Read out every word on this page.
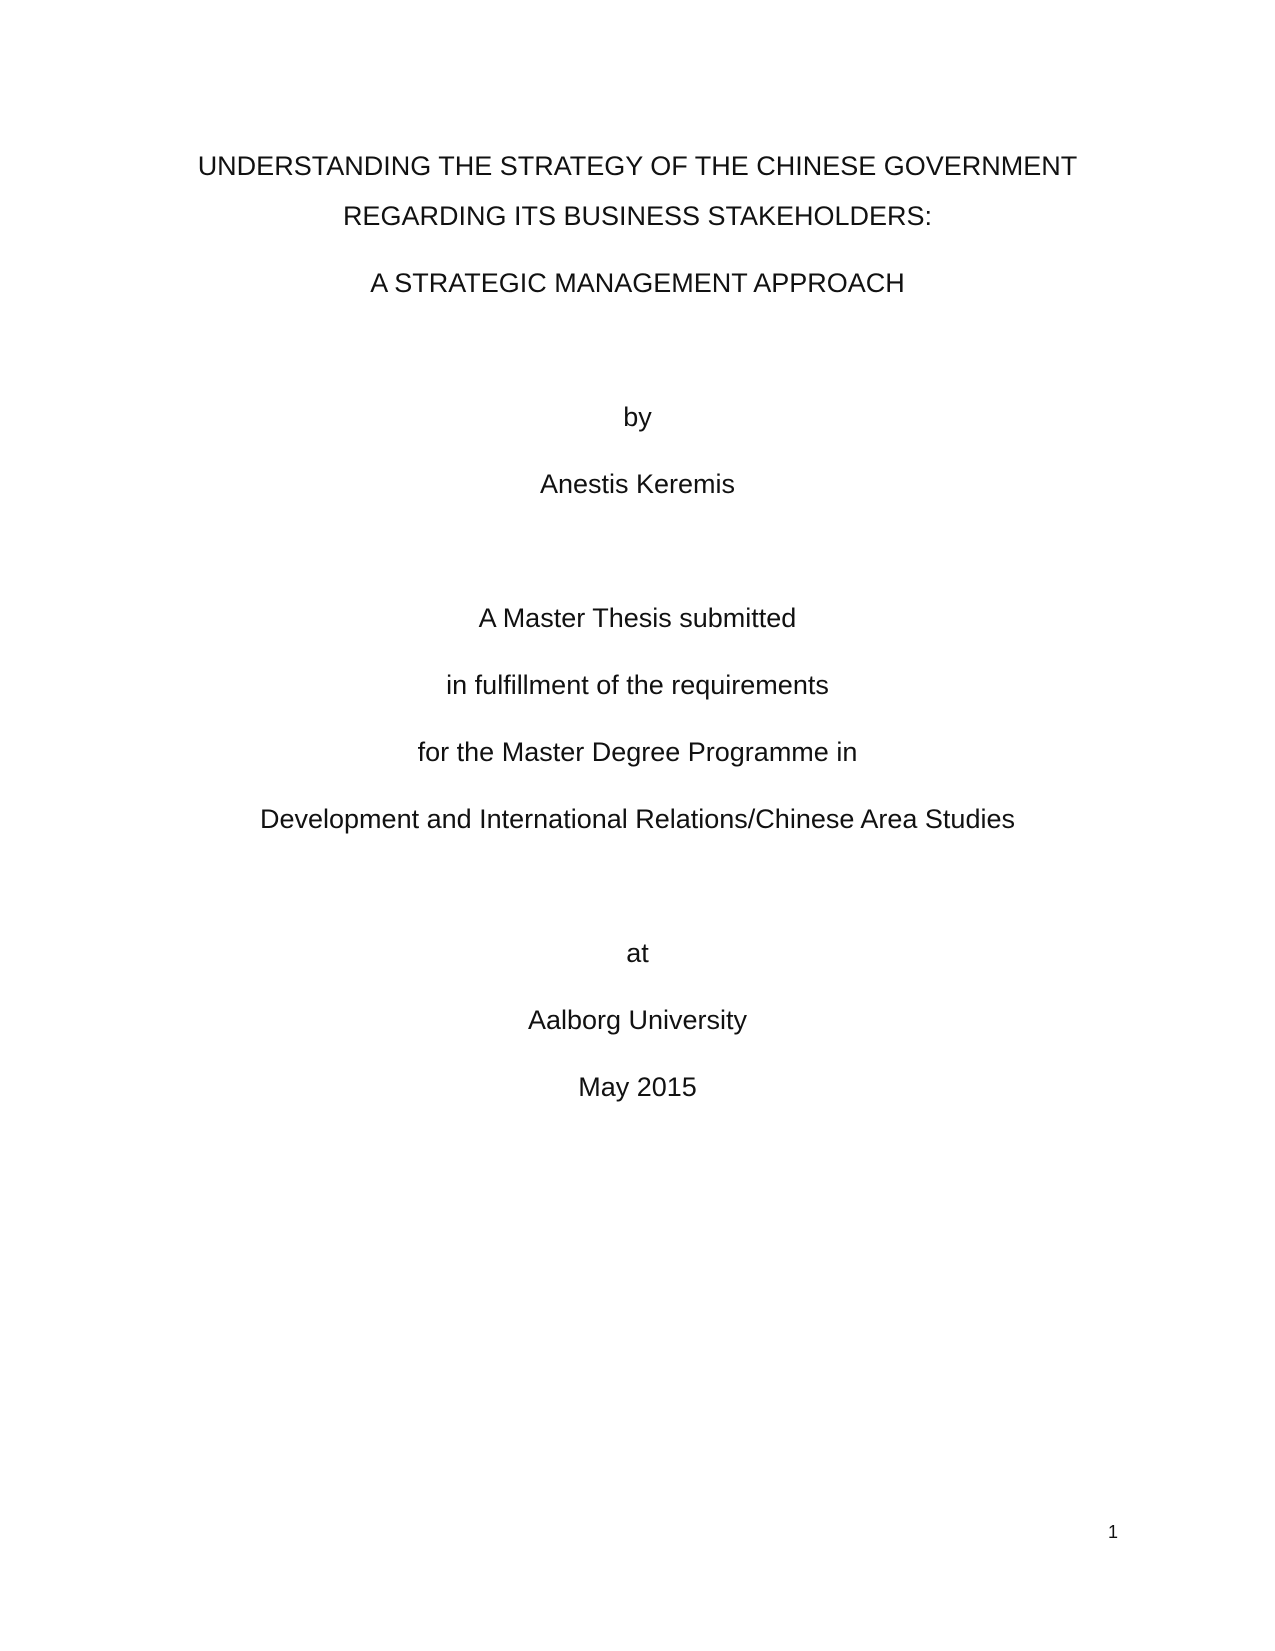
UNDERSTANDING THE STRATEGY OF THE CHINESE GOVERNMENT
REGARDING ITS BUSINESS STAKEHOLDERS:
A STRATEGIC MANAGEMENT APPROACH
by
Anestis Keremis
A Master Thesis submitted
in fulfillment of the requirements
for the Master Degree Programme in
Development and International Relations/Chinese Area Studies
at
Aalborg University
May 2015
1
